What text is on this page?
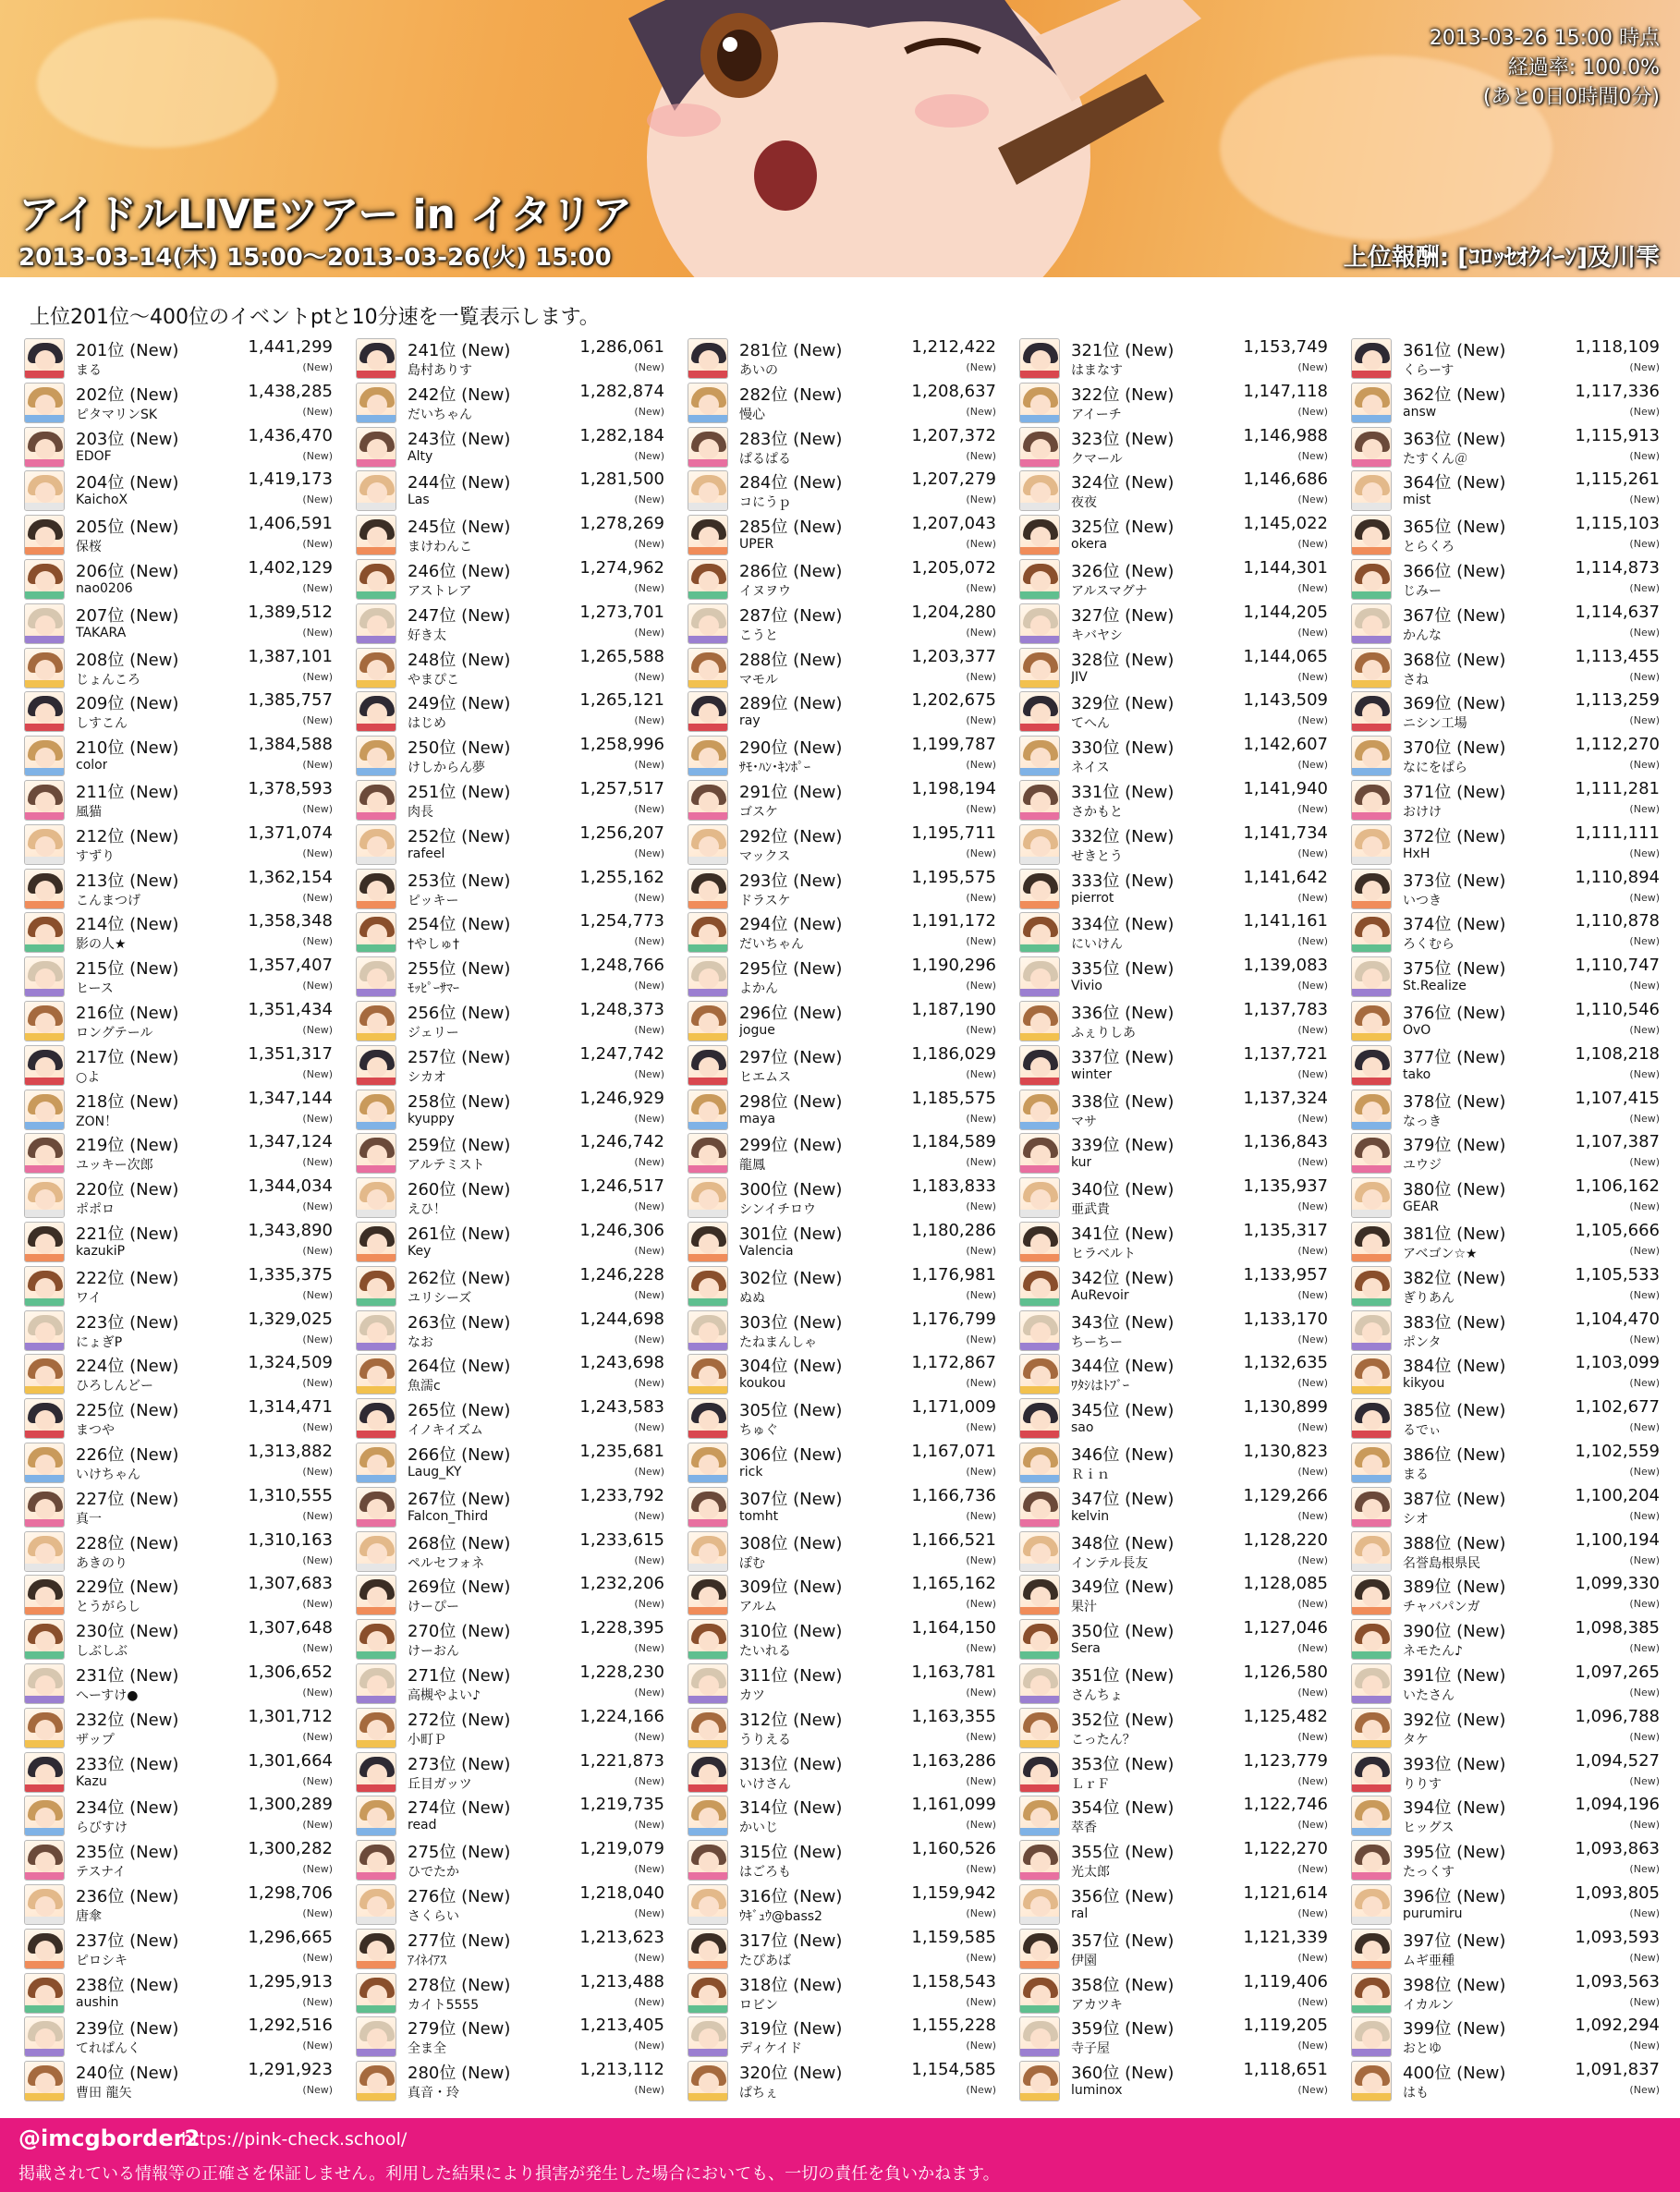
2013-03-26 15:00 時点
経過率: 100.0%
(あと0日0時間0分)
アイドルLIVEツアー in イタリア
2013-03-14(木) 15:00～2013-03-26(火) 15:00	上位報酬: [ｺﾛｯｾｵｸｲｰﾝ]及川雫
上位201位～400位のイベントptと10分速を一覧表示します。
201位 (New)
まる
1,441,299
(New)
202位 (New)
ピタマリンSK
1,438,285
(New)
203位 (New)
EDOF
1,436,470
(New)
204位 (New)
KaichoX
1,419,173
(New)
205位 (New)
保桜
1,406,591
(New)
206位 (New)
nao0206
1,402,129
(New)
207位 (New)
TAKARA
1,389,512
(New)
208位 (New)
じょんころ
1,387,101
(New)
209位 (New)
しすこん
1,385,757
(New)
210位 (New)
color
1,384,588
(New)
211位 (New)
風猫
1,378,593
(New)
212位 (New)
すずり
1,371,074
(New)
213位 (New)
こんまつげ
1,362,154
(New)
214位 (New)
影の人★
1,358,348
(New)
215位 (New)
ヒース
1,357,407
(New)
216位 (New)
ロングテール
1,351,434
(New)
217位 (New)
○よ
1,351,317
(New)
218位 (New)
ZON！
1,347,144
(New)
219位 (New)
ユッキー次郎
1,347,124
(New)
220位 (New)
ポポロ
1,344,034
(New)
221位 (New)
kazukiP
1,343,890
(New)
222位 (New)
ワイ
1,335,375
(New)
223位 (New)
にょぎP
1,329,025
(New)
224位 (New)
ひろしんどー
1,324,509
(New)
225位 (New)
まつや
1,314,471
(New)
226位 (New)
いけちゃん
1,313,882
(New)
227位 (New)
真一
1,310,555
(New)
228位 (New)
あきのり
1,310,163
(New)
229位 (New)
とうがらし
1,307,683
(New)
230位 (New)
しぶしぶ
1,307,648
(New)
231位 (New)
へーすけ●
1,306,652
(New)
232位 (New)
ザップ
1,301,712
(New)
233位 (New)
Kazu
1,301,664
(New)
234位 (New)
らびすけ
1,300,289
(New)
235位 (New)
テスナイ
1,300,282
(New)
236位 (New)
唐傘
1,298,706
(New)
237位 (New)
ピロシキ
1,296,665
(New)
238位 (New)
aushin
1,295,913
(New)
239位 (New)
てれぱんく
1,292,516
(New)
240位 (New)
曹田 龍矢
1,291,923
(New)
241位 (New)
島村ありす
1,286,061
(New)
242位 (New)
だいちゃん
1,282,874
(New)
243位 (New)
Alty
1,282,184
(New)
244位 (New)
Las
1,281,500
(New)
245位 (New)
まけわんこ
1,278,269
(New)
246位 (New)
アストレア
1,274,962
(New)
247位 (New)
好き太
1,273,701
(New)
248位 (New)
やまぴこ
1,265,588
(New)
249位 (New)
はじめ
1,265,121
(New)
250位 (New)
けしからん夢
1,258,996
(New)
251位 (New)
肉長
1,257,517
(New)
252位 (New)
rafeel
1,256,207
(New)
253位 (New)
ピッキー
1,255,162
(New)
254位 (New)
†やしゅ†
1,254,773
(New)
255位 (New)
ﾓｯﾋﾟｰｻﾏｰ
1,248,766
(New)
256位 (New)
ジェリー
1,248,373
(New)
257位 (New)
シカオ
1,247,742
(New)
258位 (New)
kyuppy
1,246,929
(New)
259位 (New)
アルテミスト
1,246,742
(New)
260位 (New)
えひ！
1,246,517
(New)
261位 (New)
Key
1,246,306
(New)
262位 (New)
ユリシーズ
1,246,228
(New)
263位 (New)
なお
1,244,698
(New)
264位 (New)
魚濡c
1,243,698
(New)
265位 (New)
イノキイズム
1,243,583
(New)
266位 (New)
Laug_KY
1,235,681
(New)
267位 (New)
Falcon_Third
1,233,792
(New)
268位 (New)
ペルセフォネ
1,233,615
(New)
269位 (New)
けーぴー
1,232,206
(New)
270位 (New)
けーおん
1,228,395
(New)
271位 (New)
高槻やよい♪
1,228,230
(New)
272位 (New)
小町Ｐ
1,224,166
(New)
273位 (New)
丘目ガッツ
1,221,873
(New)
274位 (New)
read
1,219,735
(New)
275位 (New)
ひでたか
1,219,079
(New)
276位 (New)
さくらい
1,218,040
(New)
277位 (New)
ｱｲﾈｲｱｽ
1,213,623
(New)
278位 (New)
カイト5555
1,213,488
(New)
279位 (New)
全ま全
1,213,405
(New)
280位 (New)
真音・玲
1,213,112
(New)
281位 (New)
あいの
1,212,422
(New)
282位 (New)
慢心
1,208,637
(New)
283位 (New)
ぱるぱる
1,207,372
(New)
284位 (New)
コにうｐ
1,207,279
(New)
285位 (New)
UPER
1,207,043
(New)
286位 (New)
イヌヲウ
1,205,072
(New)
287位 (New)
こうと
1,204,280
(New)
288位 (New)
マモル
1,203,377
(New)
289位 (New)
ray
1,202,675
(New)
290位 (New)
ｻﾓ･ﾊﾝ･ｷﾝﾎﾟｰ
1,199,787
(New)
291位 (New)
ゴスケ
1,198,194
(New)
292位 (New)
マックス
1,195,711
(New)
293位 (New)
ドラスケ
1,195,575
(New)
294位 (New)
だいちゃん
1,191,172
(New)
295位 (New)
よかん
1,190,296
(New)
296位 (New)
jogue
1,187,190
(New)
297位 (New)
ヒエムス
1,186,029
(New)
298位 (New)
maya
1,185,575
(New)
299位 (New)
龍鳳
1,184,589
(New)
300位 (New)
シンイチロウ
1,183,833
(New)
301位 (New)
Valencia
1,180,286
(New)
302位 (New)
ぬぬ
1,176,981
(New)
303位 (New)
たねまんしゃ
1,176,799
(New)
304位 (New)
koukou
1,172,867
(New)
305位 (New)
ちゅぐ
1,171,009
(New)
306位 (New)
rick
1,167,071
(New)
307位 (New)
tomht
1,166,736
(New)
308位 (New)
ぽむ
1,166,521
(New)
309位 (New)
アルム
1,165,162
(New)
310位 (New)
たいれる
1,164,150
(New)
311位 (New)
カツ
1,163,781
(New)
312位 (New)
うりえる
1,163,355
(New)
313位 (New)
いけさん
1,163,286
(New)
314位 (New)
かいじ
1,161,099
(New)
315位 (New)
はごろも
1,160,526
(New)
316位 (New)
ｳｷﾞｭｳ@bass2
1,159,942
(New)
317位 (New)
たぴあば
1,159,585
(New)
318位 (New)
ロビン
1,158,543
(New)
319位 (New)
ディケイド
1,155,228
(New)
320位 (New)
ぱちぇ
1,154,585
(New)
321位 (New)
はまなす
1,153,749
(New)
322位 (New)
アイーチ
1,147,118
(New)
323位 (New)
クマール
1,146,988
(New)
324位 (New)
夜夜
1,146,686
(New)
325位 (New)
okera
1,145,022
(New)
326位 (New)
アルスマグナ
1,144,301
(New)
327位 (New)
キバヤシ
1,144,205
(New)
328位 (New)
JIV
1,144,065
(New)
329位 (New)
てへん
1,143,509
(New)
330位 (New)
ネイス
1,142,607
(New)
331位 (New)
さかもと
1,141,940
(New)
332位 (New)
せきとう
1,141,734
(New)
333位 (New)
pierrot
1,141,642
(New)
334位 (New)
にいけん
1,141,161
(New)
335位 (New)
Vivio
1,139,083
(New)
336位 (New)
ふぇりしあ
1,137,783
(New)
337位 (New)
winter
1,137,721
(New)
338位 (New)
マサ
1,137,324
(New)
339位 (New)
kur
1,136,843
(New)
340位 (New)
亜武貴
1,135,937
(New)
341位 (New)
ヒラベルト
1,135,317
(New)
342位 (New)
AuRevoir
1,133,957
(New)
343位 (New)
ちーちー
1,133,170
(New)
344位 (New)
ﾜﾀｼはﾄﾌﾞｰ
1,132,635
(New)
345位 (New)
sao
1,130,899
(New)
346位 (New)
Ｒｉｎ
1,130,823
(New)
347位 (New)
kelvin
1,129,266
(New)
348位 (New)
インテル長友
1,128,220
(New)
349位 (New)
果汁
1,128,085
(New)
350位 (New)
Sera
1,127,046
(New)
351位 (New)
さんちょ
1,126,580
(New)
352位 (New)
こったん？
1,125,482
(New)
353位 (New)
ＬｒＦ
1,123,779
(New)
354位 (New)
萃香
1,122,746
(New)
355位 (New)
光太郎
1,122,270
(New)
356位 (New)
ral
1,121,614
(New)
357位 (New)
伊園
1,121,339
(New)
358位 (New)
アカツキ
1,119,406
(New)
359位 (New)
寺子屋
1,119,205
(New)
360位 (New)
luminox
1,118,651
(New)
361位 (New)
くらーす
1,118,109
(New)
362位 (New)
answ
1,117,336
(New)
363位 (New)
たすくん＠
1,115,913
(New)
364位 (New)
mist
1,115,261
(New)
365位 (New)
とらくろ
1,115,103
(New)
366位 (New)
じみー
1,114,873
(New)
367位 (New)
かんな
1,114,637
(New)
368位 (New)
さね
1,113,455
(New)
369位 (New)
ニシン工場
1,113,259
(New)
370位 (New)
なにをぱら
1,112,270
(New)
371位 (New)
おけけ
1,111,281
(New)
372位 (New)
HxH
1,111,111
(New)
373位 (New)
いつき
1,110,894
(New)
374位 (New)
ろくむら
1,110,878
(New)
375位 (New)
St.Realize
1,110,747
(New)
376位 (New)
OvO
1,110,546
(New)
377位 (New)
tako
1,108,218
(New)
378位 (New)
なっき
1,107,415
(New)
379位 (New)
ユウジ
1,107,387
(New)
380位 (New)
GEAR
1,106,162
(New)
381位 (New)
アベゴン☆★
1,105,666
(New)
382位 (New)
ぎりあん
1,105,533
(New)
383位 (New)
ポンタ
1,104,470
(New)
384位 (New)
kikyou
1,103,099
(New)
385位 (New)
るでぃ
1,102,677
(New)
386位 (New)
まる
1,102,559
(New)
387位 (New)
シオ
1,100,204
(New)
388位 (New)
名誉島根県民
1,100,194
(New)
389位 (New)
チャバパンガ
1,099,330
(New)
390位 (New)
ネモたん♪
1,098,385
(New)
391位 (New)
いたさん
1,097,265
(New)
392位 (New)
タケ
1,096,788
(New)
393位 (New)
りりす
1,094,527
(New)
394位 (New)
ヒッグス
1,094,196
(New)
395位 (New)
たっくす
1,093,863
(New)
396位 (New)
purumiru
1,093,805
(New)
397位 (New)
ムギ亜種
1,093,593
(New)
398位 (New)
イカルン
1,093,563
(New)
399位 (New)
おとゆ
1,092,294
(New)
400位 (New)
はも
1,091,837
(New)
@imcgborder2
https://pink-check.school/
掲載されている情報等の正確さを保証しません。利用した結果により損害が発生した場合においても、一切の責任を負いかねます。
